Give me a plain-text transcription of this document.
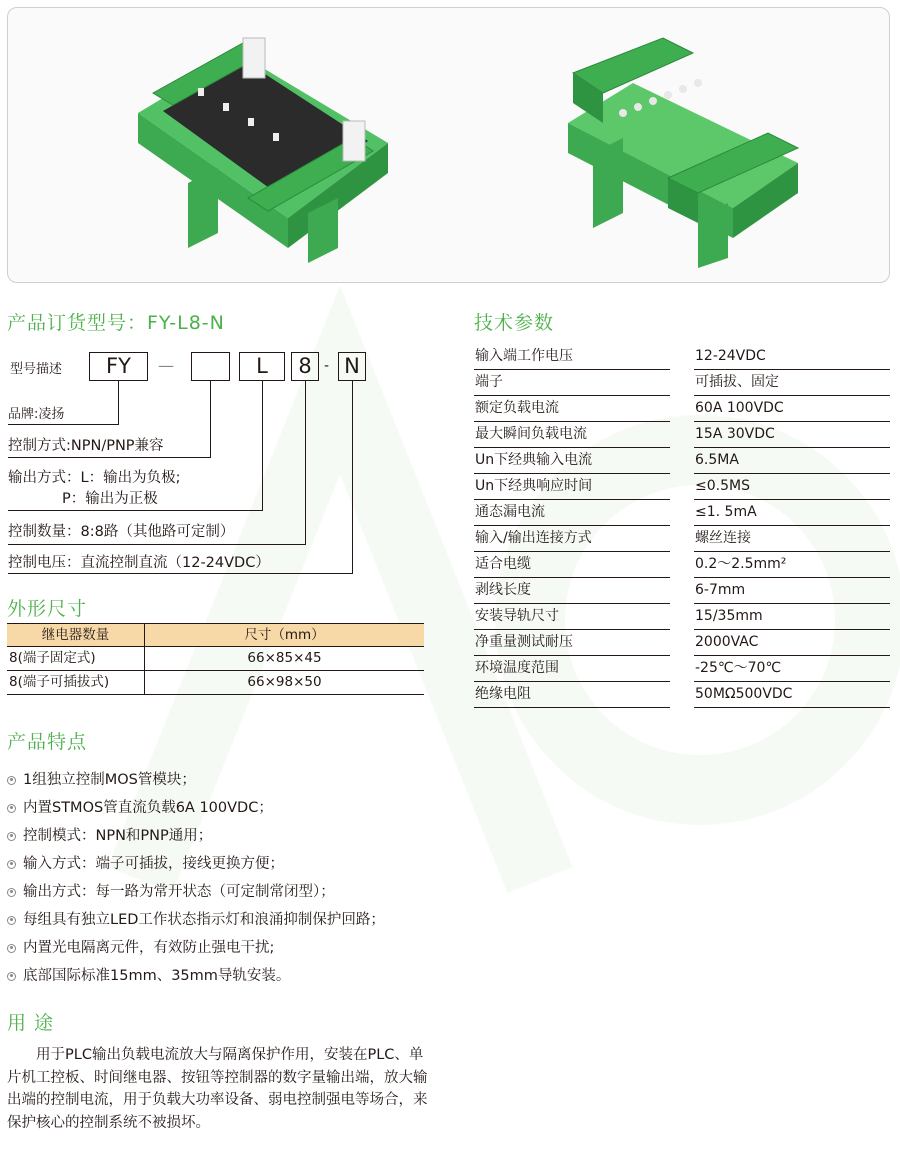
产品订货型号：FY-L8-N
型号描述	FY	—	L	8 - N
品牌:凌扬
控制方式:NPN/PNP兼容
输出方式：L：输出为负极;
P：输出为正极
控制数量：8:8路（其他路可定制）
控制电压：直流控制直流（12-24VDC）
外形尺寸
继电器数量	尺寸（mm）
8(端子固定式)	66×85×45
8(端子可插拔式)	66×98×50
产品特点
1组独立控制MOS管模块；
内置STMOS管直流负载6A 100VDC；
控制模式：NPN和PNP通用；
输入方式：端子可插拔，接线更换方便；
输出方式：每一路为常开状态（可定制常闭型）；
每组具有独立LED工作状态指示灯和浪涌抑制保护回路；
内置光电隔离元件，有效防止强电干扰;
底部国际标准15mm、35mm导轨安装。
用 途
用于PLC输出负载电流放大与隔离保护作用，安装在PLC、单片机工控板、时间继电器、按钮等控制器的数字量输出端，放大输出端的控制电流，用于负载大功率设备、弱电控制强电等场合，来保护核心的控制系统不被损坏。
技术参数
输入端工作电压	12-24VDC
端子	可插拔、固定
额定负载电流	60A 100VDC
最大瞬间负载电流	15A 30VDC
Un下经典输入电流	6.5MA
Un下经典响应时间	≤0.5MS
通态漏电流	≤1. 5mA
输入/输出连接方式	螺丝连接
适合电缆	0.2～2.5mm²
剥线长度	6-7mm
安装导轨尺寸	15/35mm
净重量测试耐压	2000VAC
环境温度范围	-25℃～70℃
绝缘电阻	50MΩ500VDC
